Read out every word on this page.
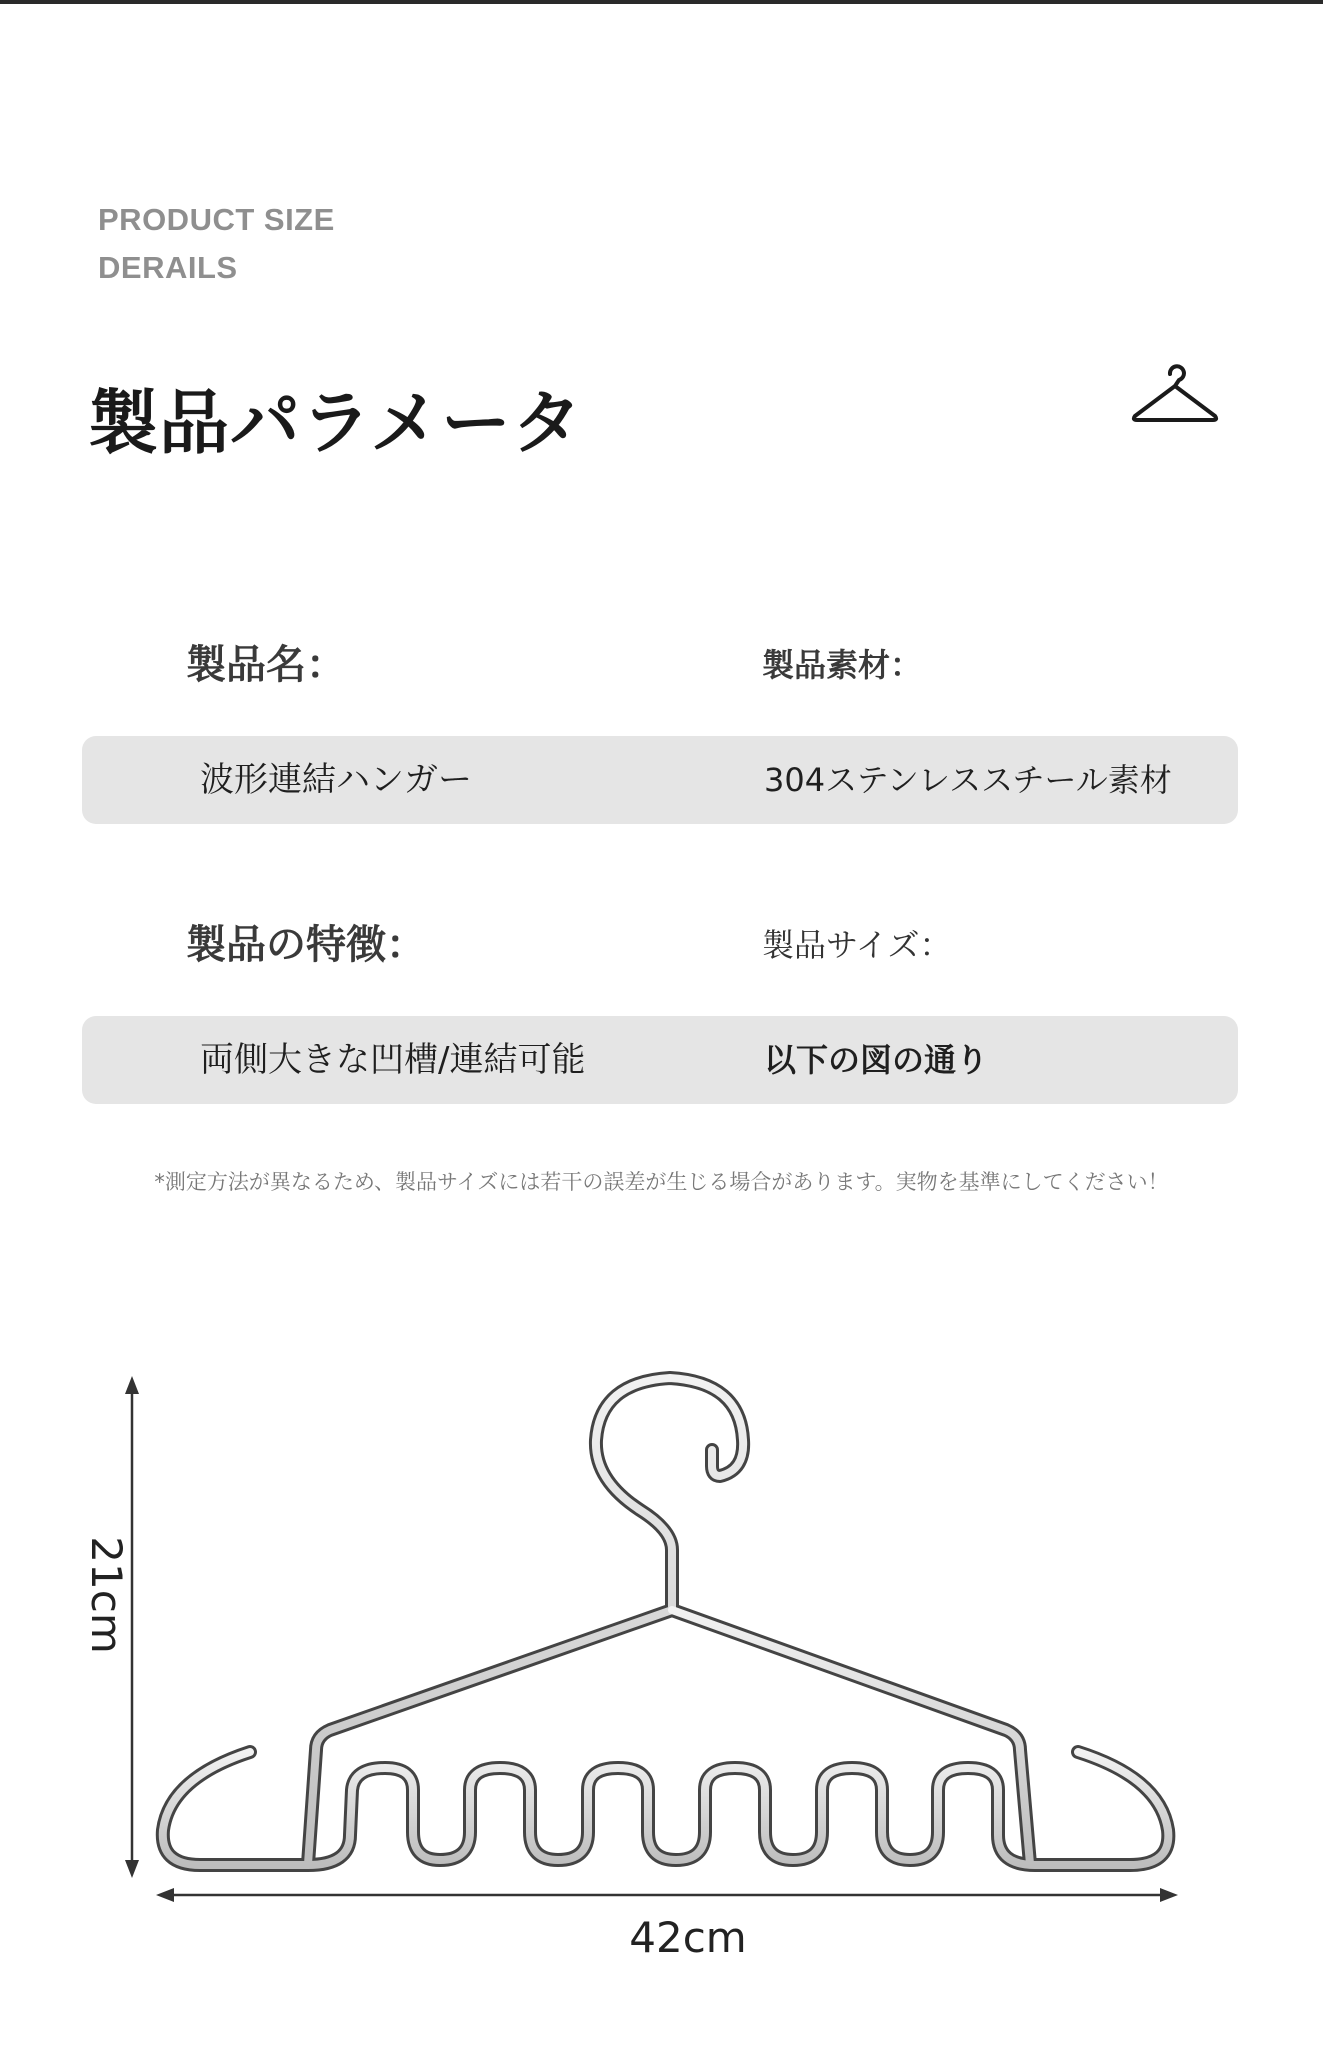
PRODUCT SIZE
DERAILS
製品パラメータ
製品名：	製品素材：
波形連結ハンガー	304ステンレススチール素材
製品の特徴：	製品サイズ：
両側大きな凹槽/連結可能	以下の図の通り
*測定方法が異なるため、製品サイズには若干の誤差が生じる場合があります。実物を基準にしてください！
21cm
42cm
